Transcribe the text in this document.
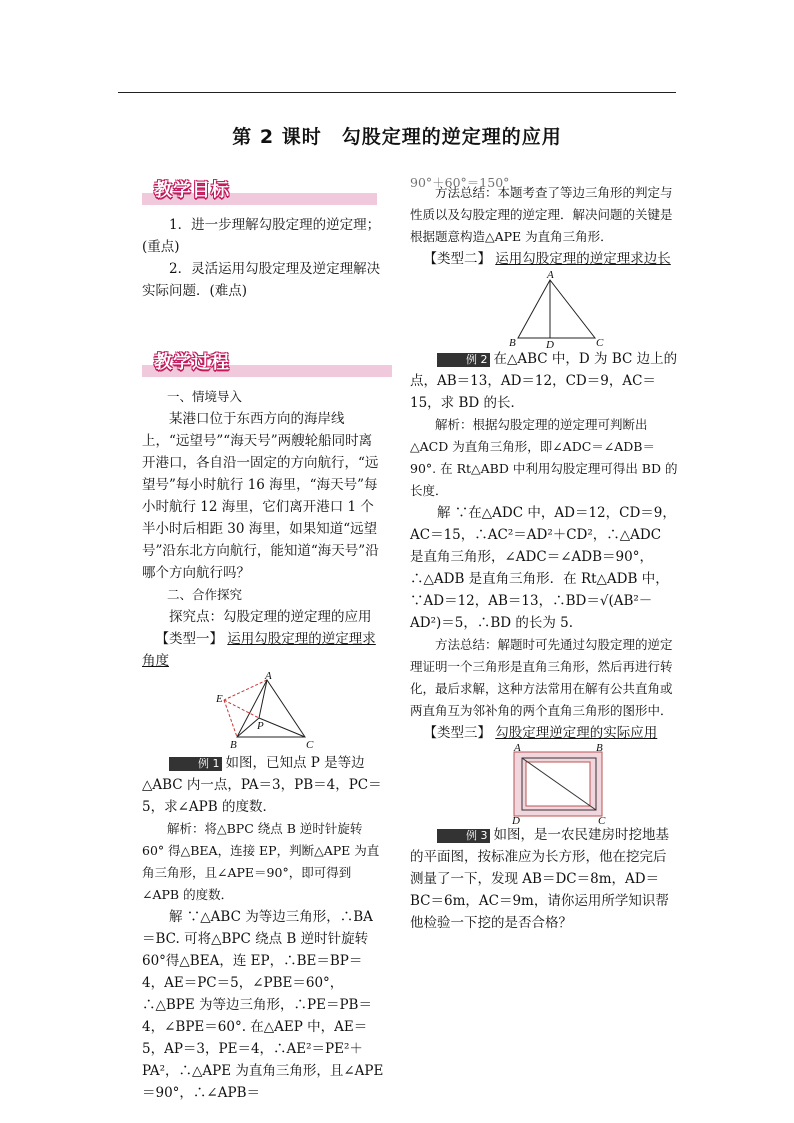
第 2 课时　勾股定理的逆定理的应用
教学目标

1．进一步理解勾股定理的逆定理；(重点)

2．灵活运用勾股定理及逆定理解决实际问题．(难点)

教学过程

一、情境导入

某港口位于东西方向的海岸线上，“远望号”“海天号”两艘轮船同时离开港口，各自沿一固定的方向航行，“远望号”每小时航行 16 海里，“海天号”每小时航行 12 海里，它们离开港口 1 个半小时后相距 30 海里，如果知道“远望号”沿东北方向航行，能知道“海天号”沿哪个方向航行吗？

二、合作探究

探究点：勾股定理的逆定理的应用

【类型一】 运用勾股定理的逆定理求角度

A
E
P
B	C

例 1 如图，已知点 P 是等边△ABC 内一点，PA＝3，PB＝4，PC＝5，求∠APB 的度数．

解析：将△BPC 绕点 B 逆时针旋转 60° 得△BEA，连接 EP，判断△APE 为直角三角形，且∠APE＝90°，即可得到∠APB 的度数．

解 ∵△ABC 为等边三角形，∴BA＝BC. 可将△BPC 绕点 B 逆时针旋转 60°得△BEA，连 EP，∴BE＝BP＝4，AE＝PC＝5，∠PBE＝60°，∴△BPE 为等边三角形，∴PE＝PB＝4，∠BPE＝60°. 在△AEP 中，AE＝5，AP＝3，PE＝4，∴AE²＝PE²＋PA²，∴△APE 为直角三角形，且∠APE＝90°，∴∠APB＝

90°＋60°＝150°.

方法总结：本题考查了等边三角形的判定与性质以及勾股定理的逆定理．解决问题的关键是根据题意构造△APE 为直角三角形．

【类型二】 运用勾股定理的逆定理求边长

A
B	D	C

例 2 在△ABC 中，D 为 BC 边上的点，AB＝13，AD＝12，CD＝9，AC＝15，求 BD 的长．

解析：根据勾股定理的逆定理可判断出△ACD 为直角三角形，即∠ADC＝∠ADB＝90°. 在 Rt△ABD 中利用勾股定理可得出 BD 的长度．

解 ∵在△ADC 中，AD＝12，CD＝9，AC＝15，∴AC²＝AD²＋CD²，∴△ADC 是直角三角形，∠ADC＝∠ADB＝90°，∴△ADB 是直角三角形．在 Rt△ADB 中，∵AD＝12，AB＝13，∴BD＝√(AB²－AD²)＝5，∴BD 的长为 5.

方法总结：解题时可先通过勾股定理的逆定理证明一个三角形是直角三角形，然后再进行转化，最后求解，这种方法常用在解有公共直角或两直角互为邻补角的两个直角三角形的图形中．

【类型三】 勾股定理逆定理的实际应用

A	B
D	C

例 3 如图，是一农民建房时挖地基的平面图，按标准应为长方形，他在挖完后测量了一下，发现 AB＝DC＝8m，AD＝BC＝6m，AC＝9m，请你运用所学知识帮他检验一下挖的是否合格？
